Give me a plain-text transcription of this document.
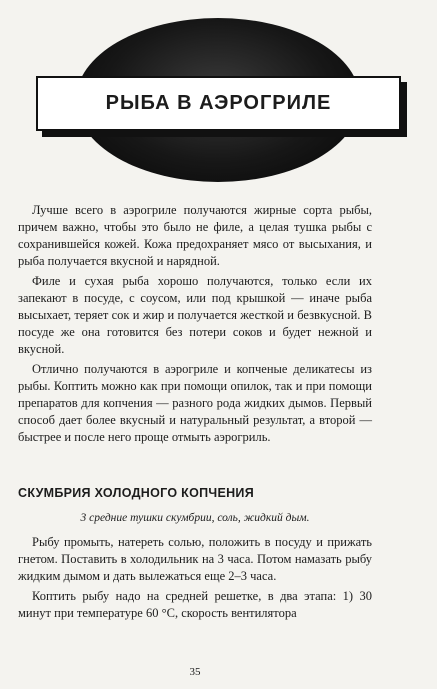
РЫБА В АЭРОГРИЛЕ

Лучше всего в аэрогриле получаются жирные сорта рыбы, причем важно, чтобы это было не филе, а целая тушка рыбы с сохранившейся кожей. Кожа предохраняет мясо от высыхания, и рыба получается вкусной и нарядной.

Филе и сухая рыба хорошо получаются, только если их запекают в посуде, с соусом, или под крышкой — иначе рыба высыхает, теряет сок и жир и получается жесткой и безвкусной. В посуде же она готовится без потери соков и будет нежной и вкусной.

Отлично получаются в аэрогриле и копченые деликатесы из рыбы. Коптить можно как при помощи опилок, так и при помощи препаратов для копчения — разного рода жидких дымов. Первый способ дает более вкусный и натуральный результат, а второй — быстрее и после него проще отмыть аэрогриль.

СКУМБРИЯ ХОЛОДНОГО КОПЧЕНИЯ
3 средние тушки скумбрии, соль, жидкий дым.

Рыбу промыть, натереть солью, положить в посуду и прижать гнетом. Поставить в холодильник на 3 часа. Потом намазать рыбу жидким дымом и дать вылежаться еще 2–3 часа.

Коптить рыбу надо на средней решетке, в два этапа: 1) 30 минут при температуре 60 °С, скорость вентилятора

35
